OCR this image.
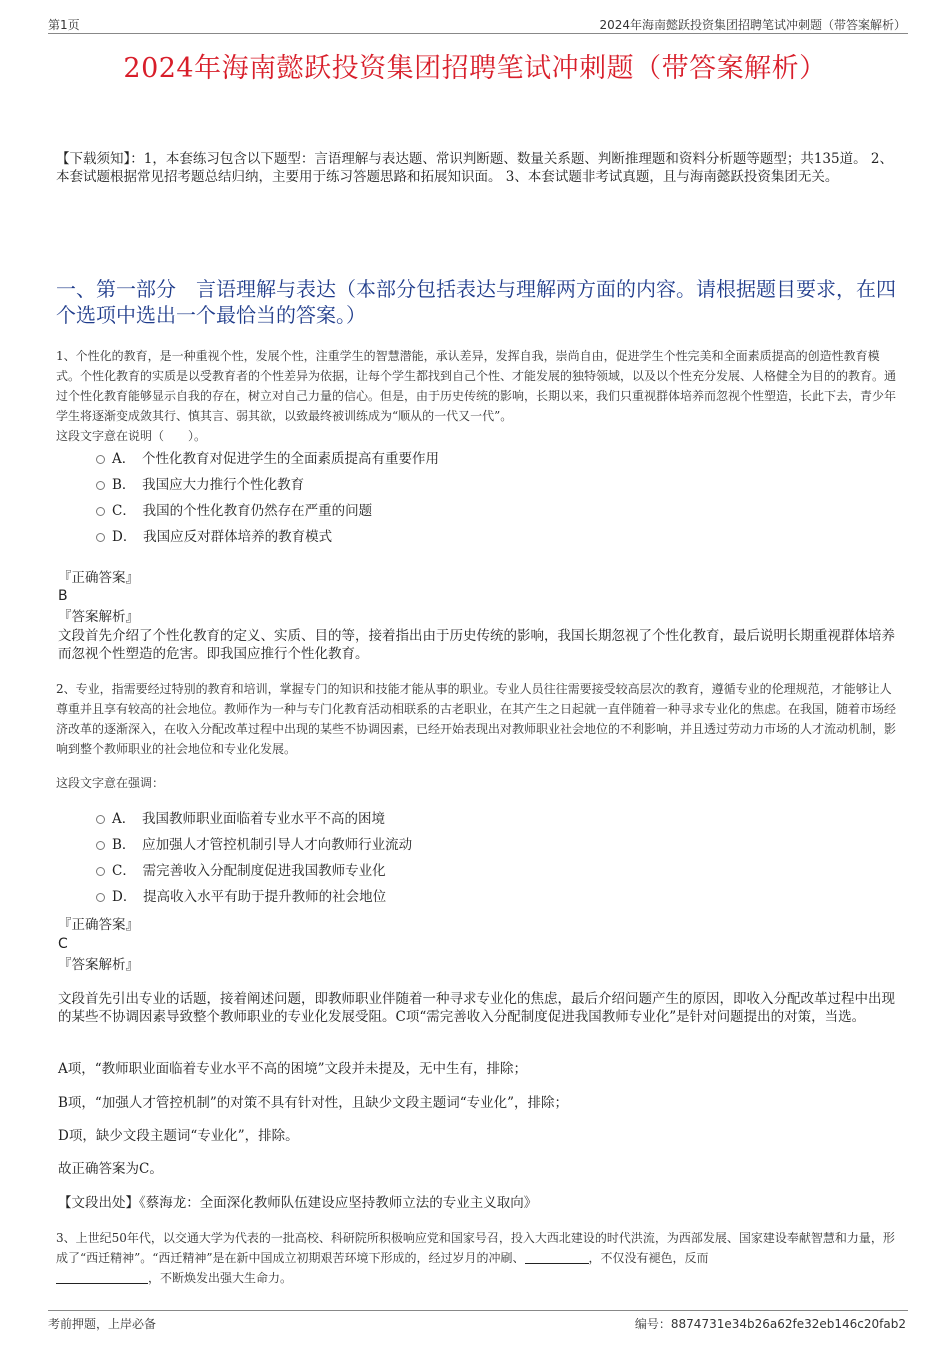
第1页	2024年海南懿跃投资集团招聘笔试冲刺题（带答案解析）
2024年海南懿跃投资集团招聘笔试冲刺题（带答案解析）
【下载须知】：1，本套练习包含以下题型：言语理解与表达题、常识判断题、数量关系题、判断推理题和资料分析题等题型；共135道。 2、本套试题根据常见招考题总结归纳，主要用于练习答题思路和拓展知识面。 3、本套试题非考试真题，且与海南懿跃投资集团无关。
一、第一部分　言语理解与表达（本部分包括表达与理解两方面的内容。请根据题目要求，在四个选项中选出一个最恰当的答案。）
1、个性化的教育，是一种重视个性，发展个性，注重学生的智慧潜能，承认差异，发挥自我，崇尚自由，促进学生个性完美和全面素质提高的创造性教育模式。个性化教育的实质是以受教育者的个性差异为依据，让每个学生都找到自己个性、才能发展的独特领域，以及以个性充分发展、人格健全为目的的教育。通过个性化教育能够显示自我的存在，树立对自己力量的信心。但是，由于历史传统的影响，长期以来，我们只重视群体培养而忽视个性塑造，长此下去，青少年学生将逐渐变成敛其行、慎其言、弱其欲，以致最终被训练成为“顺从的一代又一代”。
这段文字意在说明（　　）。
A．　个性化教育对促进学生的全面素质提高有重要作用
B．　我国应大力推行个性化教育
C．　我国的个性化教育仍然存在严重的问题
D．　我国应反对群体培养的教育模式
『正确答案』
B
『答案解析』
文段首先介绍了个性化教育的定义、实质、目的等，接着指出由于历史传统的影响，我国长期忽视了个性化教育，最后说明长期重视群体培养而忽视个性塑造的危害。即我国应推行个性化教育。
2、专业，指需要经过特别的教育和培训，掌握专门的知识和技能才能从事的职业。专业人员往往需要接受较高层次的教育，遵循专业的伦理规范，才能够让人尊重并且享有较高的社会地位。教师作为一种与专门化教育活动相联系的古老职业，在其产生之日起就一直伴随着一种寻求专业化的焦虑。在我国，随着市场经济改革的逐渐深入，在收入分配改革过程中出现的某些不协调因素，已经开始表现出对教师职业社会地位的不利影响，并且透过劳动力市场的人才流动机制，影响到整个教师职业的社会地位和专业化发展。
这段文字意在强调：
A．　我国教师职业面临着专业水平不高的困境
B．　应加强人才管控机制引导人才向教师行业流动
C．　需完善收入分配制度促进我国教师专业化
D．　提高收入水平有助于提升教师的社会地位
『正确答案』
C
『答案解析』
文段首先引出专业的话题，接着阐述问题，即教师职业伴随着一种寻求专业化的焦虑，最后介绍问题产生的原因，即收入分配改革过程中出现的某些不协调因素导致整个教师职业的专业化发展受阻。C项“需完善收入分配制度促进我国教师专业化”是针对问题提出的对策，当选。
A项，“教师职业面临着专业水平不高的困境”文段并未提及，无中生有，排除；
B项，“加强人才管控机制”的对策不具有针对性，且缺少文段主题词“专业化”，排除；
D项，缺少文段主题词“专业化”，排除。
故正确答案为C。
【文段出处】《蔡海龙：全面深化教师队伍建设应坚持教师立法的专业主义取向》
3、上世纪50年代，以交通大学为代表的一批高校、科研院所积极响应党和国家号召，投入大西北建设的时代洪流，为西部发展、国家建设奉献智慧和力量，形成了“西迁精神”。“西迁精神”是在新中国成立初期艰苦环境下形成的，经过岁月的冲刷、	，不仅没有褪色，反而
，不断焕发出强大生命力。
考前押题，上岸必备	编号：8874731e34b26a62fe32eb146c20fab2
